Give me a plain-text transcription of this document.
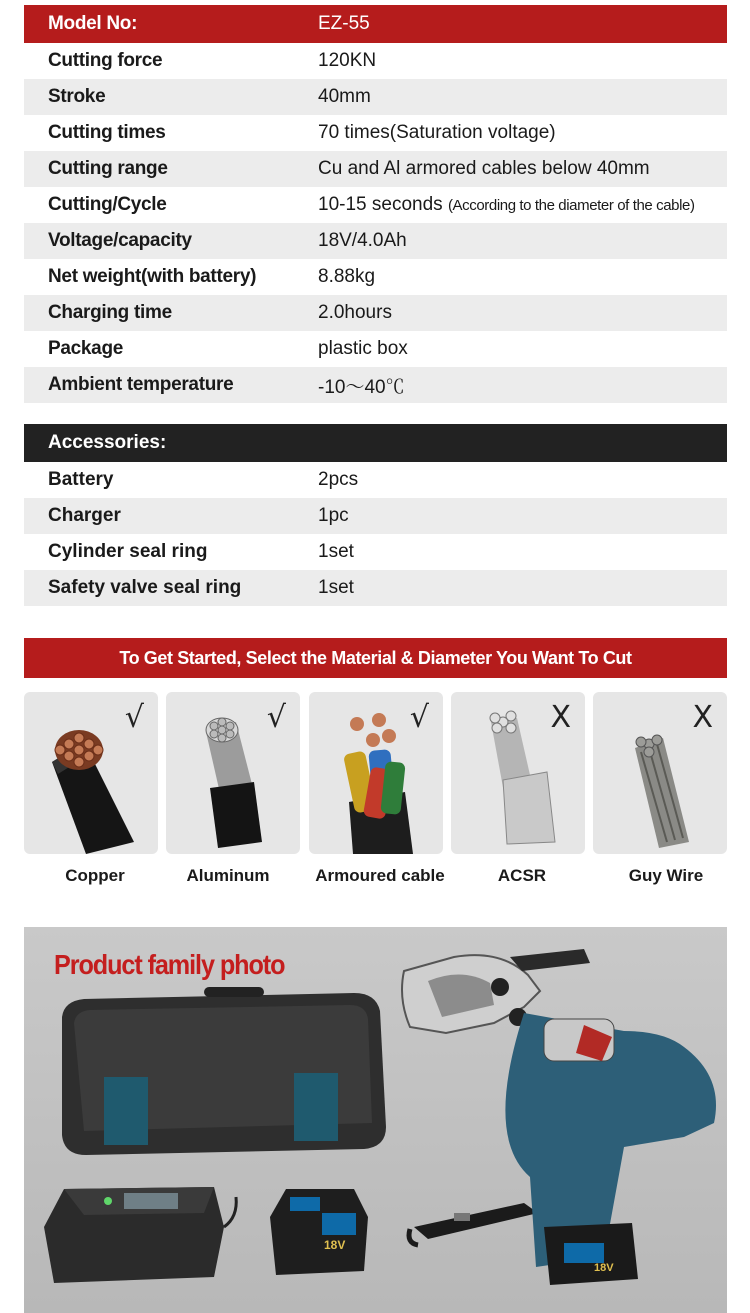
Model No:	EZ-55
Cutting force	120KN
Stroke	40mm
Cutting times	70 times(Saturation voltage)
Cutting range	Cu and Al armored cables below 40mm
Cutting/Cycle	10-15 seconds (According to the diameter of the cable)
Voltage/capacity	18V/4.0Ah
Net weight(with battery)	8.88kg
Charging time	2.0hours
Package	plastic box
Ambient temperature	-10～40℃
Accessories:
Battery	2pcs
Charger	1pc
Cylinder seal ring	1set
Safety valve seal ring	1set
To Get Started, Select the Material & Diameter You Want To Cut
√	√	√	X	X
Copper	Aluminum	Armoured cable	ACSR	Guy Wire
Product family photo
18V
18V
